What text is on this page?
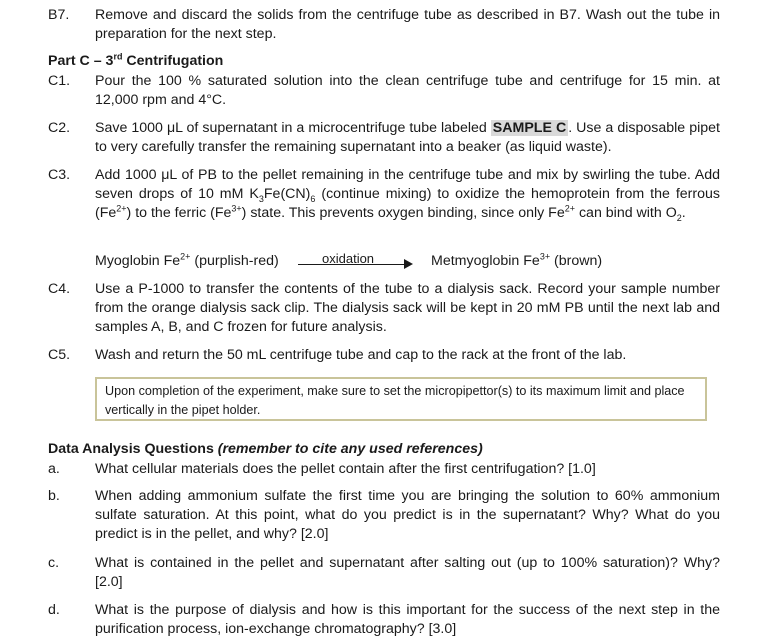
B7. Remove and discard the solids from the centrifuge tube as described in B7. Wash out the tube in preparation for the next step.
Part C – 3rd Centrifugation
C1. Pour the 100 % saturated solution into the clean centrifuge tube and centrifuge for 15 min. at 12,000 rpm and 4°C.
C2. Save 1000 μL of supernatant in a microcentrifuge tube labeled SAMPLE C . Use a disposable pipet to very carefully transfer the remaining supernatant into a beaker (as liquid waste).
C3. Add 1000 μL of PB to the pellet remaining in the centrifuge tube and mix by swirling the tube. Add seven drops of 10 mM $K_3Fe(CN)_6$ (continue mixing) to oxidize the hemoprotein from the ferrous $(Fe^{2+})$ to the ferric $(Fe^{3+})$ state. This prevents oxygen binding, since only $Fe^{2+}$ can bind with $O_2$.
Myoglobin $Fe^{2+}$ (purplish-red)	oxidation	Metmyoglobin $Fe^{3+}$ (brown)
C4. Use a P-1000 to transfer the contents of the tube to a dialysis sack. Record your sample number from the orange dialysis sack clip. The dialysis sack will be kept in 20 mM PB until the next lab and samples A, B, and C frozen for future analysis.
C5. Wash and return the 50 mL centrifuge tube and cap to the rack at the front of the lab.
Upon completion of the experiment, make sure to set the micropipettor(s) to its maximum limit and place vertically in the pipet holder.
Data Analysis Questions (remember to cite any used references)
a. What cellular materials does the pellet contain after the first centrifugation? [1.0]
b. When adding ammonium sulfate the first time you are bringing the solution to 60% ammonium sulfate saturation. At this point, what do you predict is in the supernatant? Why? What do you predict is in the pellet, and why? [2.0]
c.	What is contained in the pellet and supernatant after salting out (up to 100% saturation)? Why? [2.0]
d. What is the purpose of dialysis and how is this important for the success of the next step in the purification process, ion-exchange chromatography? [3.0]
